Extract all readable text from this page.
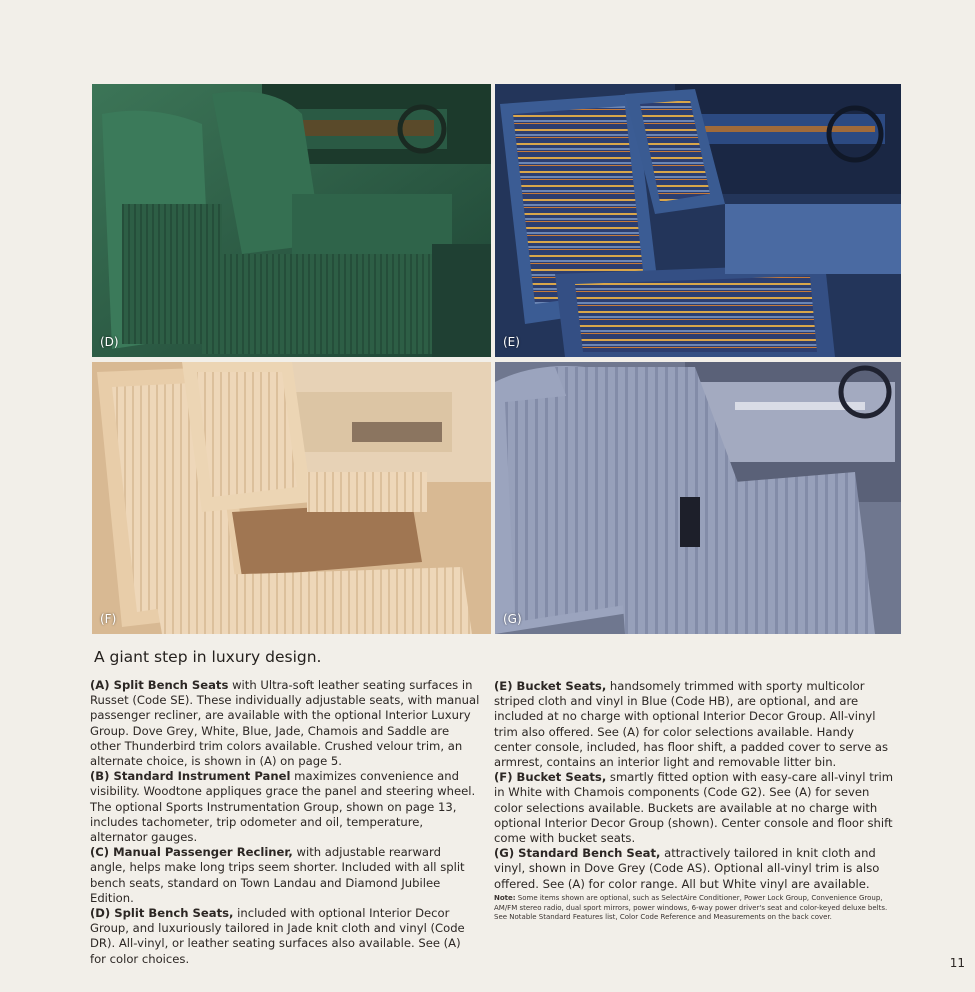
(D)	(E)
(F)	(G)
A giant step in luxury design.

(A) Split Bench Seats with Ultra-soft leather seating surfaces in Russet (Code SE). These individually adjustable seats, with manual passenger recliner, are available with the optional Interior Luxury Group. Dove Grey, White, Blue, Jade, Chamois and Saddle are other Thunderbird trim colors available. Crushed velour trim, an alternate choice, is shown in (A) on page 5.

(B) Standard Instrument Panel maximizes convenience and visibility. Woodtone appliques grace the panel and steering wheel. The optional Sports Instrumentation Group, shown on page 13, includes tachometer, trip odometer and oil, temperature, alternator gauges.

(C) Manual Passenger Recliner, with adjustable rearward angle, helps make long trips seem shorter. Included with all split bench seats, standard on Town Landau and Diamond Jubilee Edition.

(D) Split Bench Seats, included with optional Interior Decor Group, and luxuriously tailored in Jade knit cloth and vinyl (Code DR). All-vinyl, or leather seating surfaces also available. See (A) for color choices.

(E) Bucket Seats, handsomely trimmed with sporty multicolor striped cloth and vinyl in Blue (Code HB), are optional, and are included at no charge with optional Interior Decor Group. All-vinyl trim also offered. See (A) for color selections available. Handy center console, included, has floor shift, a padded cover to serve as armrest, contains an interior light and removable litter bin.

(F) Bucket Seats, smartly fitted option with easy-care all-vinyl trim in White with Chamois components (Code G2). See (A) for seven color selections available. Buckets are available at no charge with optional Interior Decor Group (shown). Center console and floor shift come with bucket seats.

(G) Standard Bench Seat, attractively tailored in knit cloth and vinyl, shown in Dove Grey (Code AS). Optional all-vinyl trim is also offered. See (A) for color range. All but White vinyl are available.

Note: Some items shown are optional, such as SelectAire Conditioner, Power Lock Group, Convenience Group, AM/FM stereo radio, dual sport mirrors, power windows, 6-way power driver's seat and color-keyed deluxe belts. See Notable Standard Features list, Color Code Reference and Measurements on the back cover.

11
